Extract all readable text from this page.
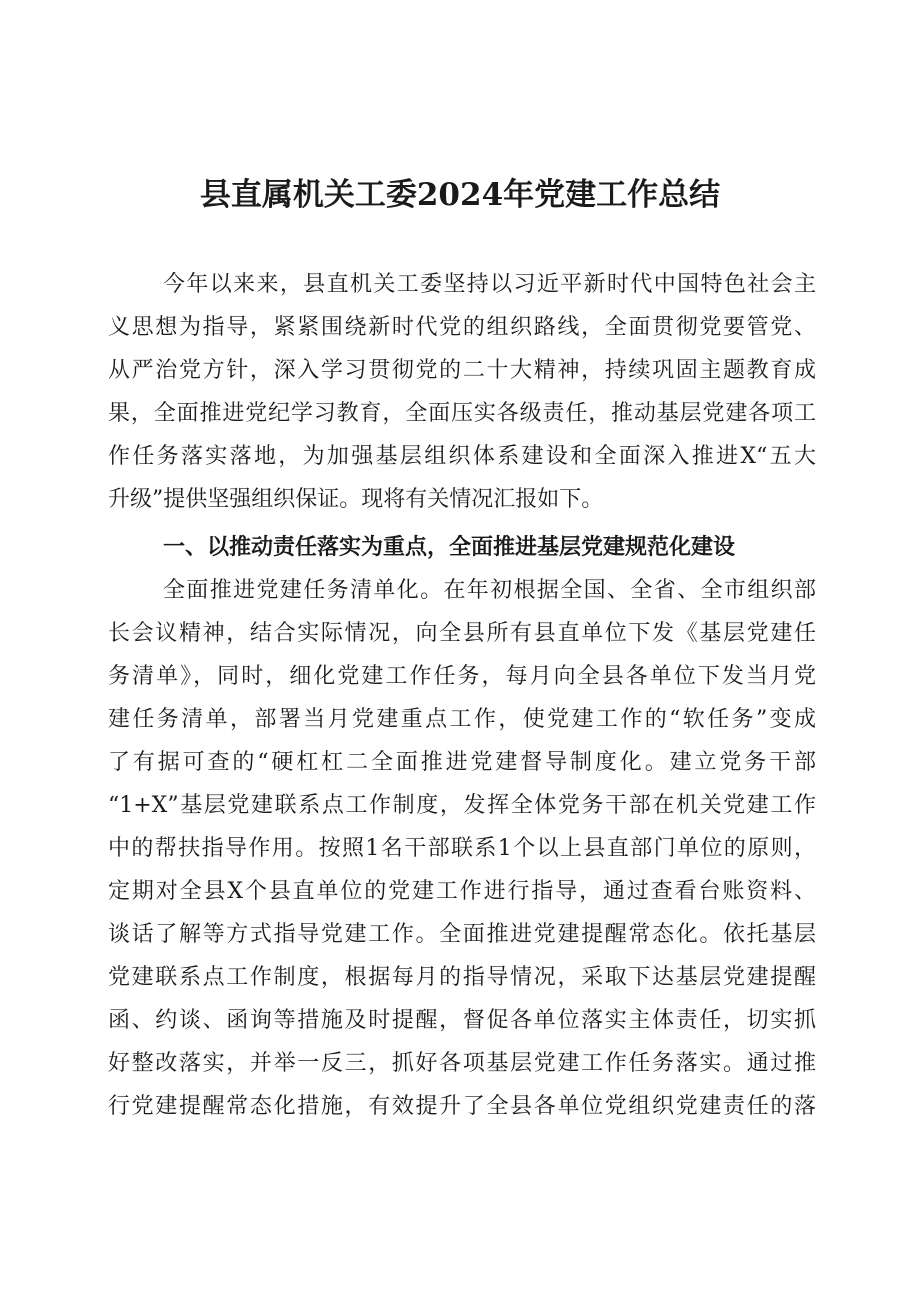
县直属机关工委2024年党建工作总结
今年以来来，县直机关工委坚持以习近平新时代中国特色社会主
义思想为指导，紧紧围绕新时代党的组织路线，全面贯彻党要管党、
从严治党方针，深入学习贯彻党的二十大精神，持续巩固主题教育成
果，全面推进党纪学习教育，全面压实各级责任，推动基层党建各项工
作任务落实落地，为加强基层组织体系建设和全面深入推进X“五大
升级”提供坚强组织保证。现将有关情况汇报如下。
一、以推动责任落实为重点，全面推进基层党建规范化建设
全面推进党建任务清单化。在年初根据全国、全省、全市组织部
长会议精神，结合实际情况，向全县所有县直单位下发《基层党建任
务清单》，同时，细化党建工作任务，每月向全县各单位下发当月党
建任务清单，部署当月党建重点工作，使党建工作的“软任务”变成
了有据可查的“硬杠杠二全面推进党建督导制度化。建立党务干部
“1+X”基层党建联系点工作制度，发挥全体党务干部在机关党建工作
中的帮扶指导作用。按照1名干部联系1个以上县直部门单位的原则，
定期对全县X个县直单位的党建工作进行指导，通过查看台账资料、
谈话了解等方式指导党建工作。全面推进党建提醒常态化。依托基层
党建联系点工作制度，根据每月的指导情况，采取下达基层党建提醒
函、约谈、函询等措施及时提醒，督促各单位落实主体责任，切实抓
好整改落实，并举一反三，抓好各项基层党建工作任务落实。通过推
行党建提醒常态化措施，有效提升了全县各单位党组织党建责任的落
